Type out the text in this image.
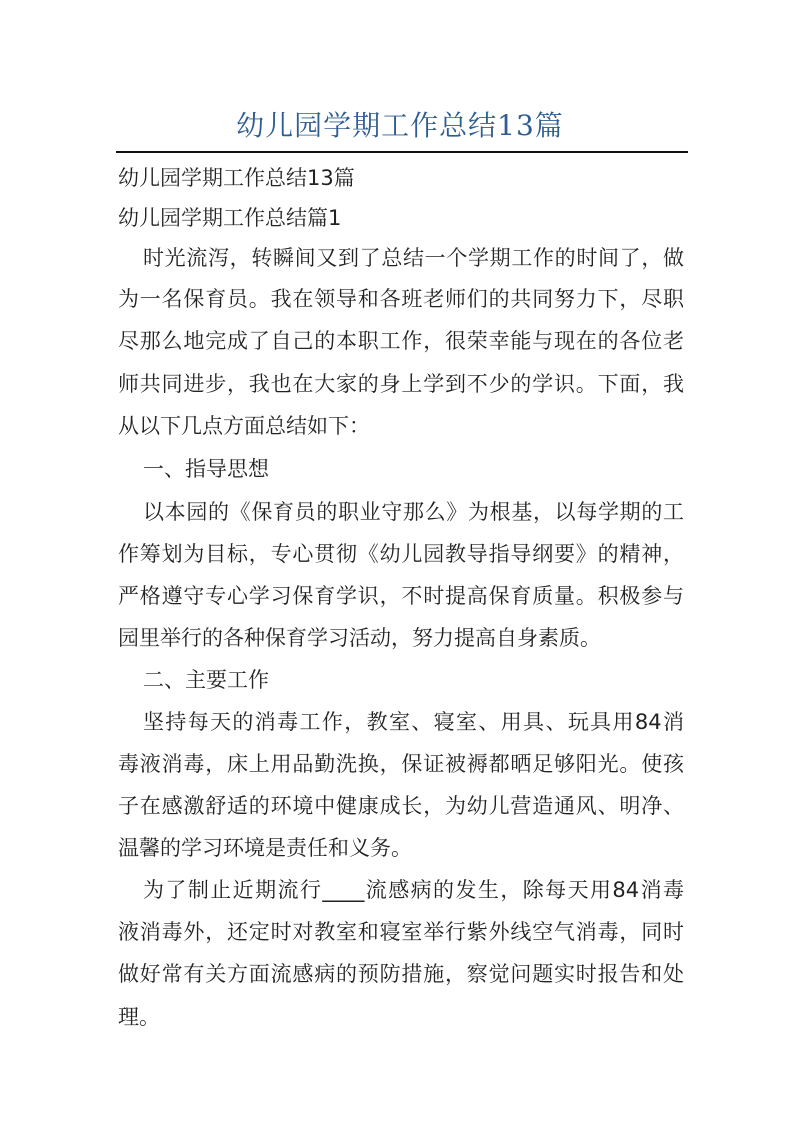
幼儿园学期工作总结13篇
幼儿园学期工作总结13篇
幼儿园学期工作总结篇1
时光流泻，转瞬间又到了总结一个学期工作的时间了，做
为一名保育员。我在领导和各班老师们的共同努力下，尽职
尽那么地完成了自己的本职工作，很荣幸能与现在的各位老
师共同进步，我也在大家的身上学到不少的学识。下面，我
从以下几点方面总结如下：
一、指导思想
以本园的《保育员的职业守那么》为根基，以每学期的工
作筹划为目标，专心贯彻《幼儿园教导指导纲要》的精神，
严格遵守专心学习保育学识，不时提高保育质量。积极参与
园里举行的各种保育学习活动，努力提高自身素质。
二、主要工作
坚持每天的消毒工作，教室、寝室、用具、玩具用84消
毒液消毒，床上用品勤洗换，保证被褥都晒足够阳光。使孩
子在感激舒适的环境中健康成长，为幼儿营造通风、明净、
温馨的学习环境是责任和义务。
为了制止近期流行____流感病的发生，除每天用84消毒
液消毒外，还定时对教室和寝室举行紫外线空气消毒，同时
做好常有关方面流感病的预防措施，察觉问题实时报告和处
理。
